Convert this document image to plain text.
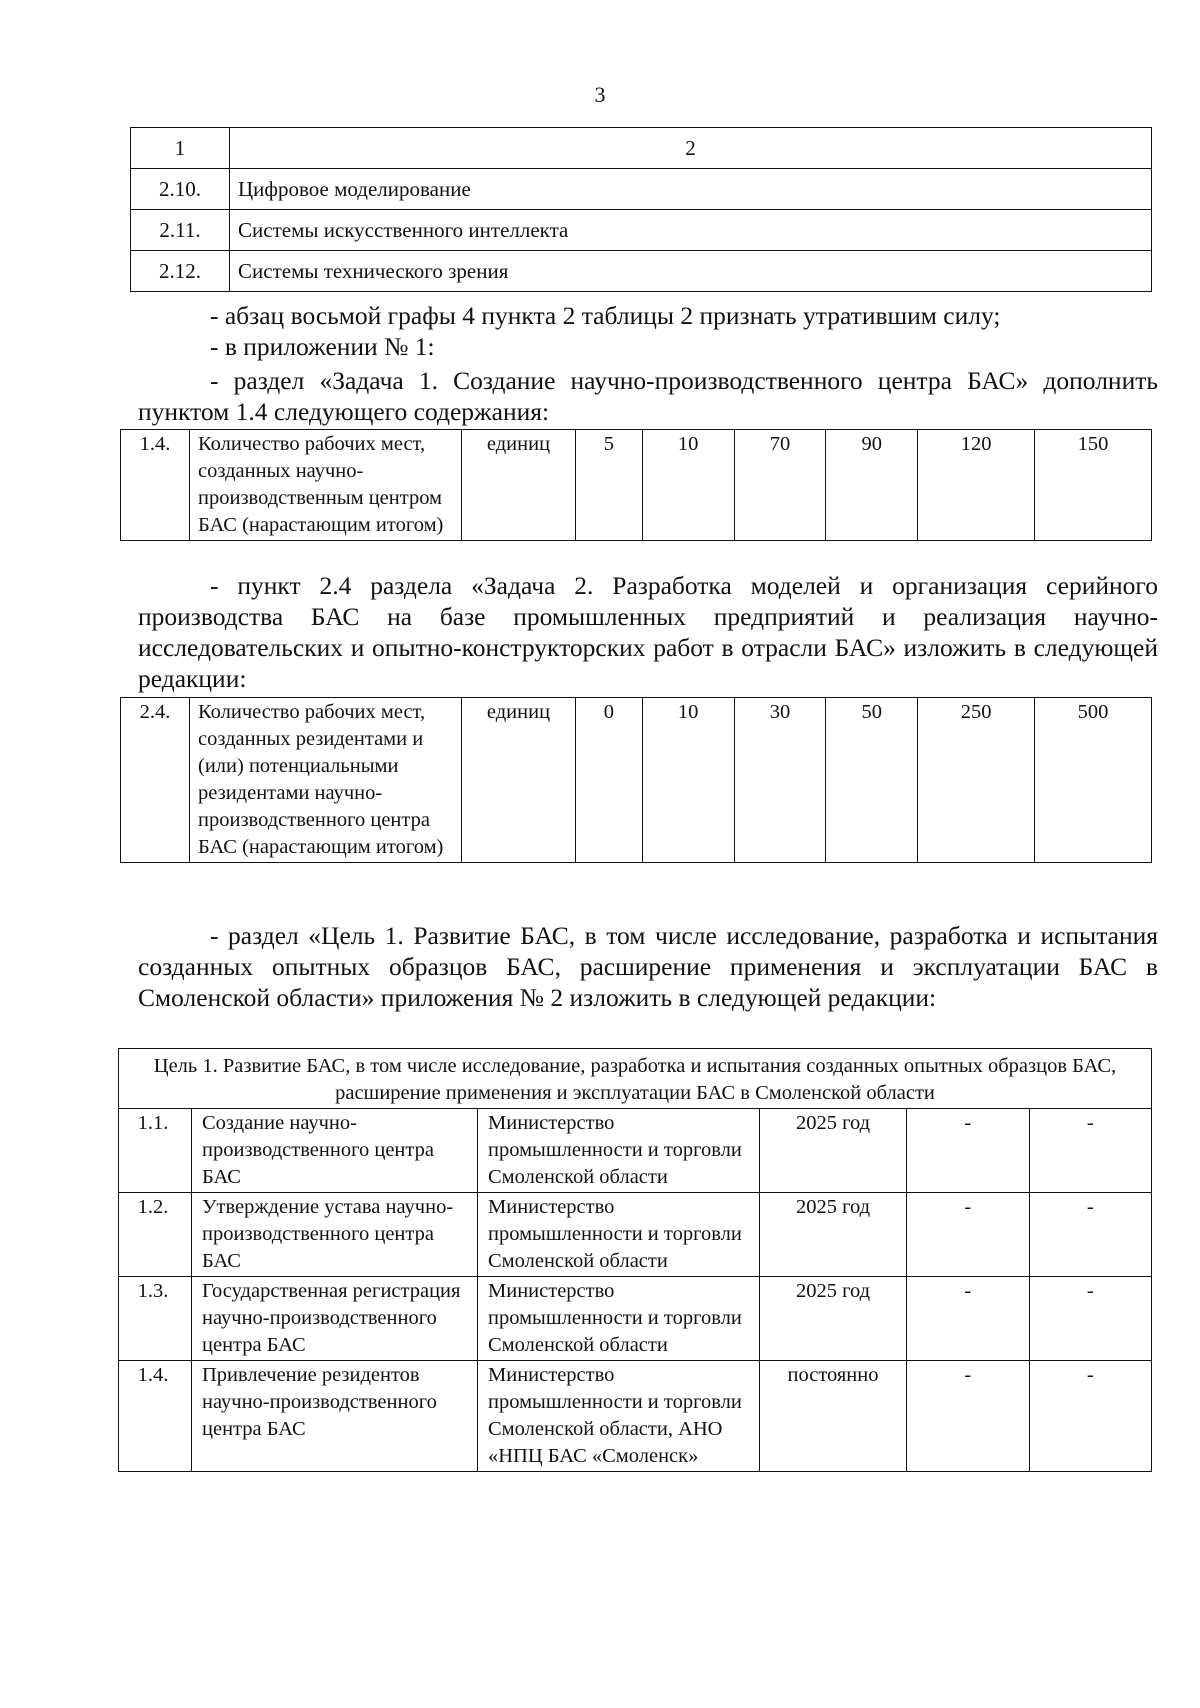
3
1	2
2.10.	Цифровое моделирование
2.11.	Системы искусственного интеллекта
2.12.	Системы технического зрения
- абзац восьмой графы 4 пункта 2 таблицы 2 признать утратившим силу;
- в приложении № 1:
- раздел «Задача 1. Создание научно-производственного центра БАС» дополнить пунктом 1.4 следующего содержания:
1.4.	Количество рабочих мест, созданных научно-производственным центром БАС (нарастающим итогом)	единиц	5	10	70	90	120	150
- пункт 2.4 раздела «Задача 2. Разработка моделей и организация серийного производства БАС на базе промышленных предприятий и реализация научно-исследовательских и опытно-конструкторских работ в отрасли БАС» изложить в следующей редакции:
2.4.	Количество рабочих мест, созданных резидентами и (или) потенциальными резидентами научно-производственного центра БАС (нарастающим итогом)	единиц	0	10	30	50	250	500
- раздел «Цель 1. Развитие БАС, в том числе исследование, разработка и испытания созданных опытных образцов БАС, расширение применения и эксплуатации БАС в Смоленской области» приложения № 2 изложить в следующей редакции:
Цель 1. Развитие БАС, в том числе исследование, разработка и испытания созданных опытных образцов БАС, расширение применения и эксплуатации БАС в Смоленской области					
1.1.	Создание научно-производственного центра БАС	Министерство промышленности и торговли Смоленской области	2025 год	-	-
1.2.	Утверждение устава научно-производственного центра БАС	Министерство промышленности и торговли Смоленской области	2025 год	-	-
1.3.	Государственная регистрация научно-производственного центра БАС	Министерство промышленности и торговли Смоленской области	2025 год	-	-
1.4.	Привлечение резидентов научно-производственного центра БАС	Министерство промышленности и торговли Смоленской области, АНО «НПЦ БАС «Смоленск»	постоянно	-	-
